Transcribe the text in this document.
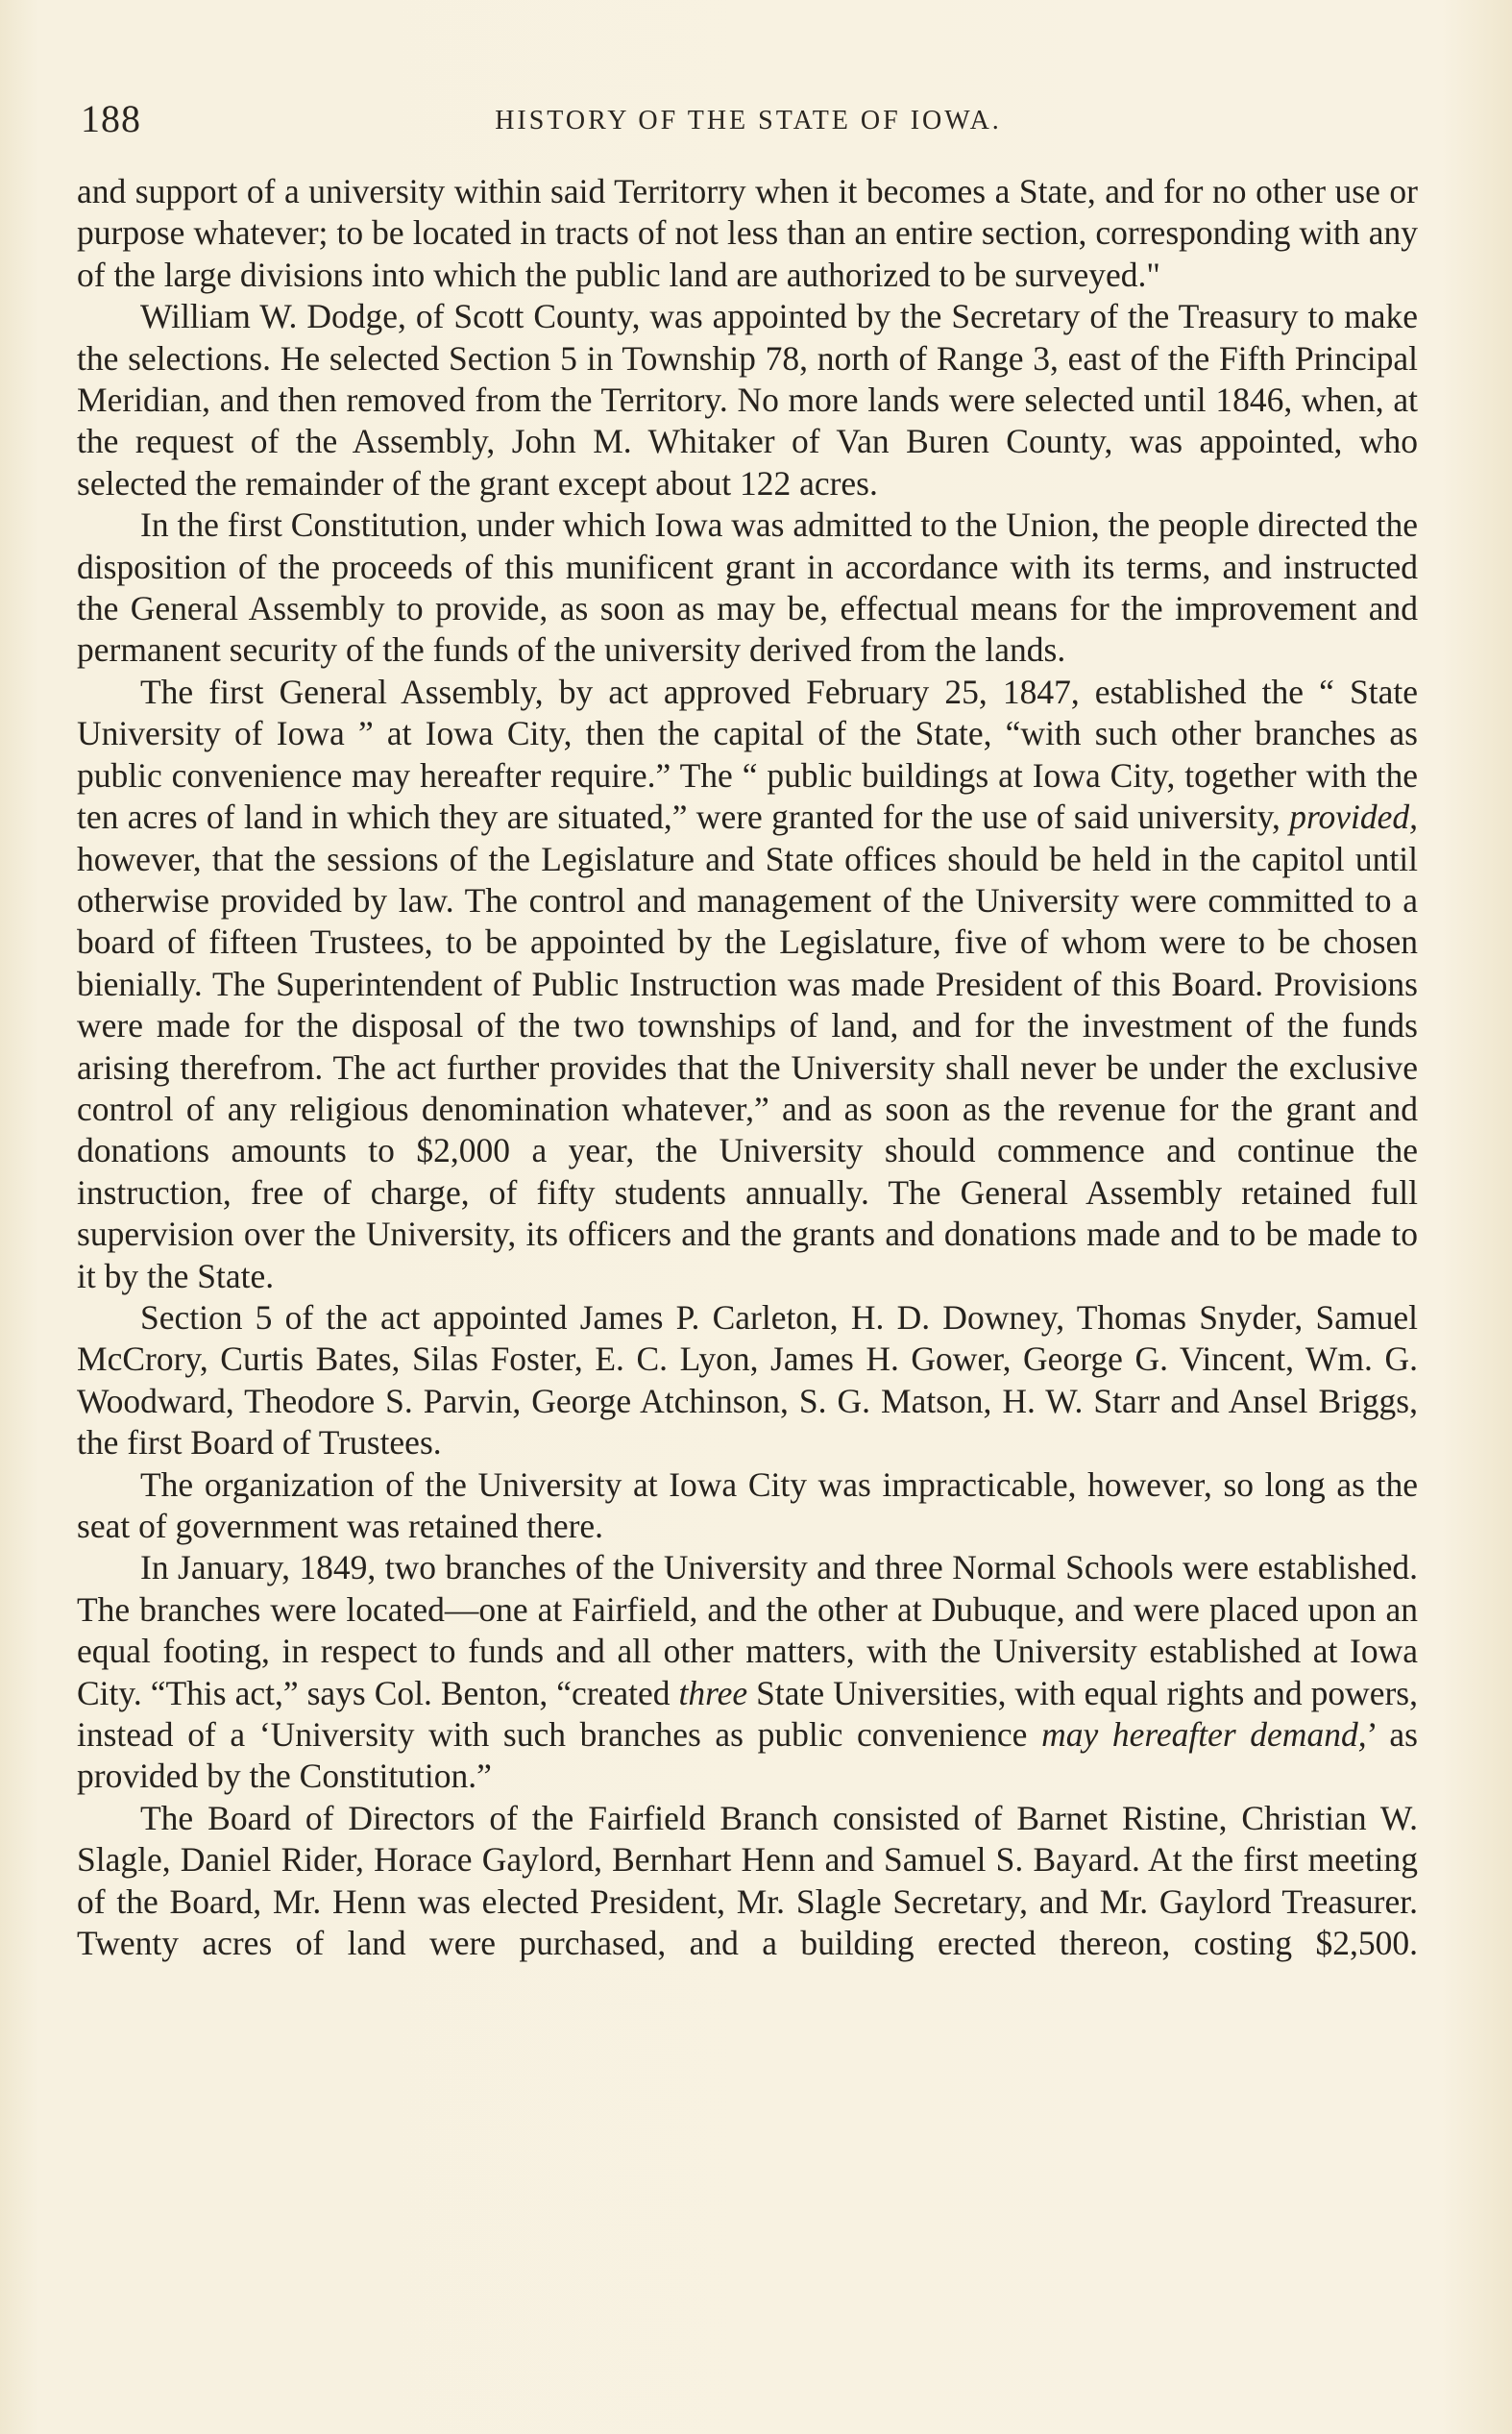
188	HISTORY OF THE STATE OF IOWA.

and support of a university within said Territorry when it becomes a State, and for no other use or purpose whatever; to be located in tracts of not less than an entire section, corresponding with any of the large divisions into which the public land are authorized to be surveyed."

William W. Dodge, of Scott County, was appointed by the Secretary of the Treasury to make the selections. He selected Section 5 in Township 78, north of Range 3, east of the Fifth Principal Meridian, and then removed from the Territory. No more lands were selected until 1846, when, at the request of the Assembly, John M. Whitaker of Van Buren County, was appointed, who selected the remainder of the grant except about 122 acres.

In the first Constitution, under which Iowa was admitted to the Union, the people directed the disposition of the proceeds of this munificent grant in accordance with its terms, and instructed the General Assembly to provide, as soon as may be, effectual means for the improvement and permanent security of the funds of the university derived from the lands.

The first General Assembly, by act approved February 25, 1847, established the “ State University of Iowa ” at Iowa City, then the capital of the State, “with such other branches as public convenience may hereafter require.” The “ public buildings at Iowa City, together with the ten acres of land in which they are situated,” were granted for the use of said university, provided, however, that the sessions of the Legislature and State offices should be held in the capitol until otherwise provided by law. The control and management of the University were committed to a board of fifteen Trustees, to be appointed by the Legislature, five of whom were to be chosen bienially. The Superintendent of Public Instruction was made President of this Board. Provisions were made for the disposal of the two townships of land, and for the investment of the funds arising therefrom. The act further provides that the University shall never be under the exclusive control of any religious denomination whatever,” and as soon as the revenue for the grant and donations amounts to $2,000 a year, the University should commence and continue the instruction, free of charge, of fifty students annually. The General Assembly retained full supervision over the University, its officers and the grants and donations made and to be made to it by the State.

Section 5 of the act appointed James P. Carleton, H. D. Downey, Thomas Snyder, Samuel McCrory, Curtis Bates, Silas Foster, E. C. Lyon, James H. Gower, George G. Vincent, Wm. G. Woodward, Theodore S. Parvin, George Atchinson, S. G. Matson, H. W. Starr and Ansel Briggs, the first Board of Trustees.

The organization of the University at Iowa City was impracticable, however, so long as the seat of government was retained there.

In January, 1849, two branches of the University and three Normal Schools were established. The branches were located—one at Fairfield, and the other at Dubuque, and were placed upon an equal footing, in respect to funds and all other matters, with the University established at Iowa City. “This act,” says Col. Benton, “created three State Universities, with equal rights and powers, instead of a ‘University with such branches as public convenience may hereafter demand,’ as provided by the Constitution.”

The Board of Directors of the Fairfield Branch consisted of Barnet Ristine, Christian W. Slagle, Daniel Rider, Horace Gaylord, Bernhart Henn and Samuel S. Bayard. At the first meeting of the Board, Mr. Henn was elected President, Mr. Slagle Secretary, and Mr. Gaylord Treasurer. Twenty acres of land were purchased, and a building erected thereon, costing $2,500.
